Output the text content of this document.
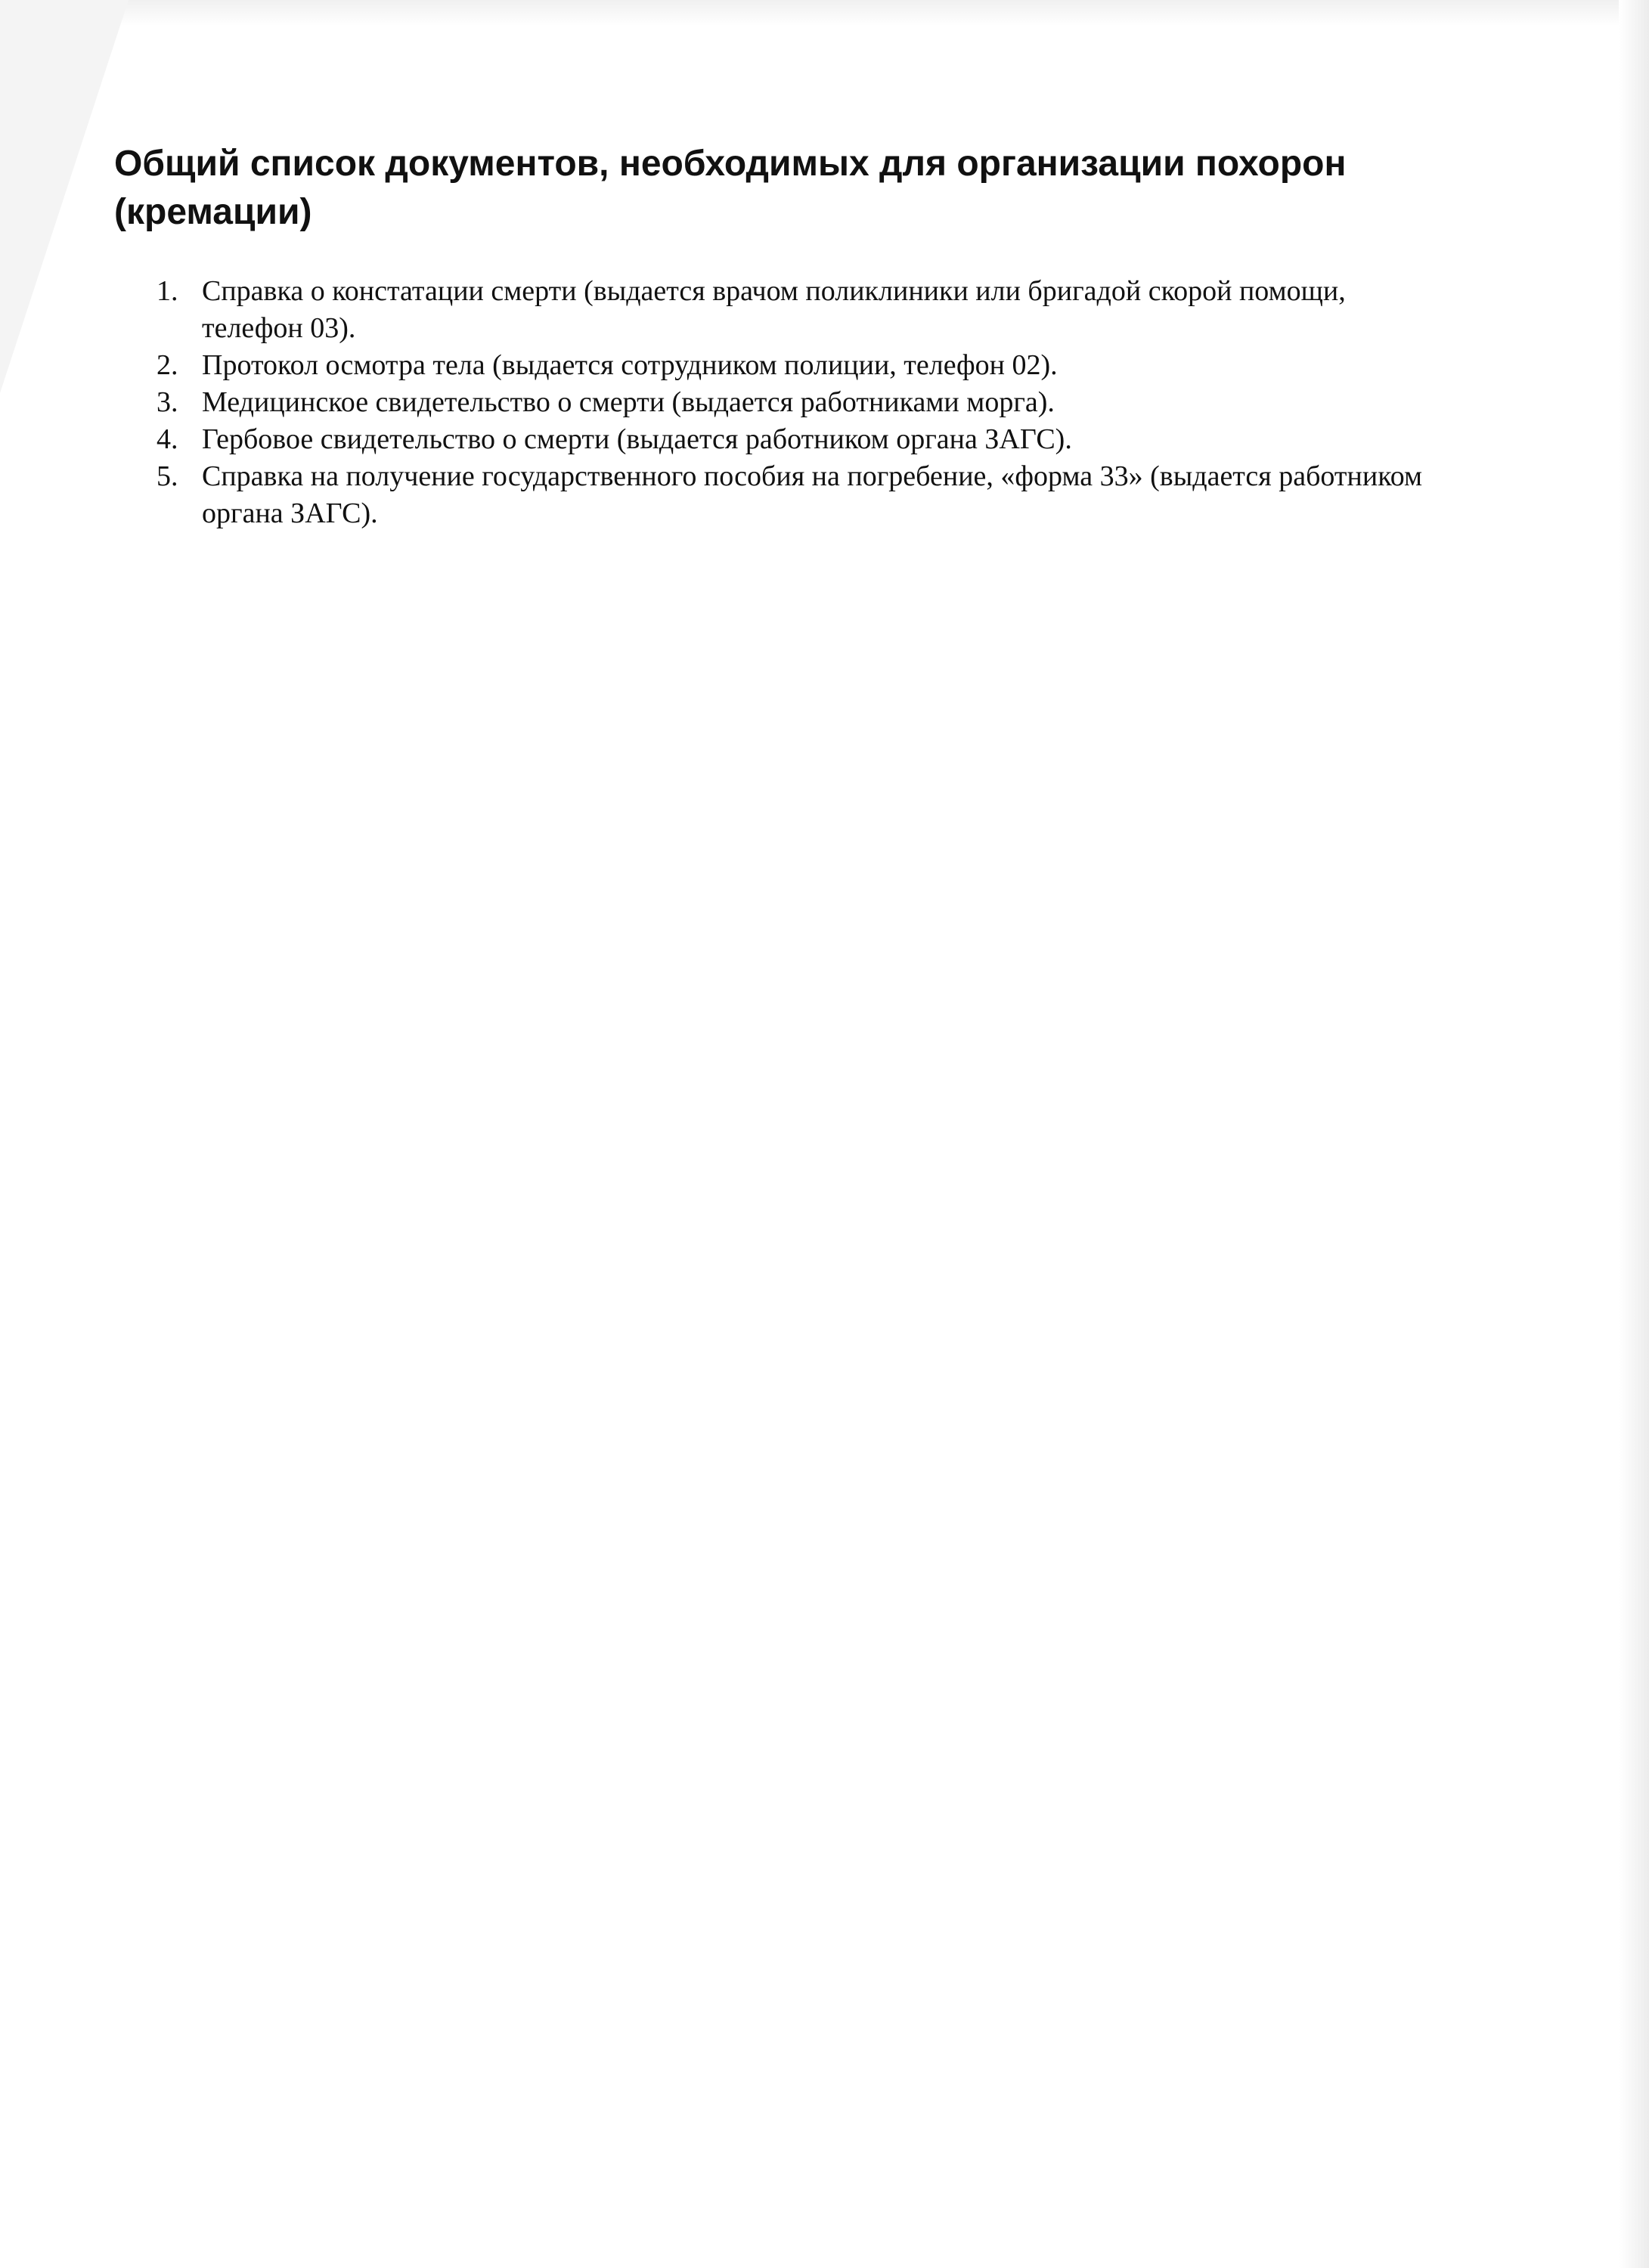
Общий список документов, необходимых для организации похорон (кремации)
1. Справка о констатации смерти (выдается врачом поликлиники или бригадой скорой помощи, телефон 03).
2. Протокол осмотра тела (выдается сотрудником полиции, телефон 02).
3. Медицинское свидетельство о смерти (выдается работниками морга).
4. Гербовое свидетельство о смерти (выдается работником органа ЗАГС).
5. Справка на получение государственного пособия на погребение, «форма 33» (выдается работником органа ЗАГС).
